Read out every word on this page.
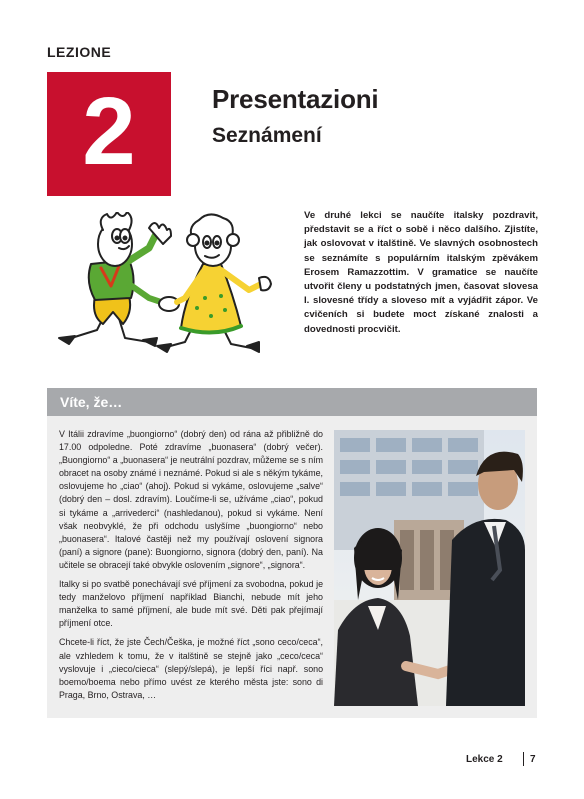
LEZIONE
2	Presentazioni
Seznámení
Ve druhé lekci se naučíte italsky pozdravit, představit se a říct o sobě i něco dalšího. Zjistíte, jak oslovovat v italštině. Ve slavných osobnostech se seznámíte s populárním italským zpěvákem Erosem Ramazzottim. V gramatice se naučíte utvořit členy u podstatných jmen, časovat slovesa I. slovesné třídy a sloveso mít a vyjádřit zápor. Ve cvičeních si budete moct získané znalosti a dovednosti procvičit.
Víte, že…

V Itálii zdravíme „buongiorno“ (dobrý den) od rána až přibližně do 17.00 odpoledne. Poté zdravíme „buonasera“ (dobrý večer). „Buongiorno“ a „buonasera“ je neutrální pozdrav, můžeme se s ním obracet na osoby známé i neznámé. Pokud si ale s někým tykáme, oslovujeme ho „ciao“ (ahoj). Pokud si vykáme, oslovujeme „salve“ (dobrý den – dosl. zdravím). Loučíme-li se, užíváme „ciao“, pokud si tykáme a „arrivederci“ (nashledanou), pokud si vykáme. Není však neobvyklé, že při odchodu uslyšíme „buongiorno“ nebo „buonasera“. Italové častěji než my používají oslovení signora (paní) a signore (pane): Buongiorno, signora (dobrý den, paní). Na učitele se obracejí také obvykle oslovením „signore“, „signora“.

Italky si po svatbě ponechávají své příjmení za svobodna, pokud je tedy manželovo příjmení například Bianchi, nebude mít jeho manželka to samé příjmení, ale bude mít své. Děti pak přejímají příjmení otce.

Chcete-li říct, že jste Čech/Češka, je možné říct „sono ceco/ceca“, ale vzhledem k tomu, že v italštině se stejně jako „ceco/ceca“ vyslovuje i „cieco/cieca“ (slepý/slepá), je lepší říci např. sono boemo/boema nebo přímo uvést ze kterého města jste: sono di Praga, Brno, Ostrava, …

Lekce 2	7
